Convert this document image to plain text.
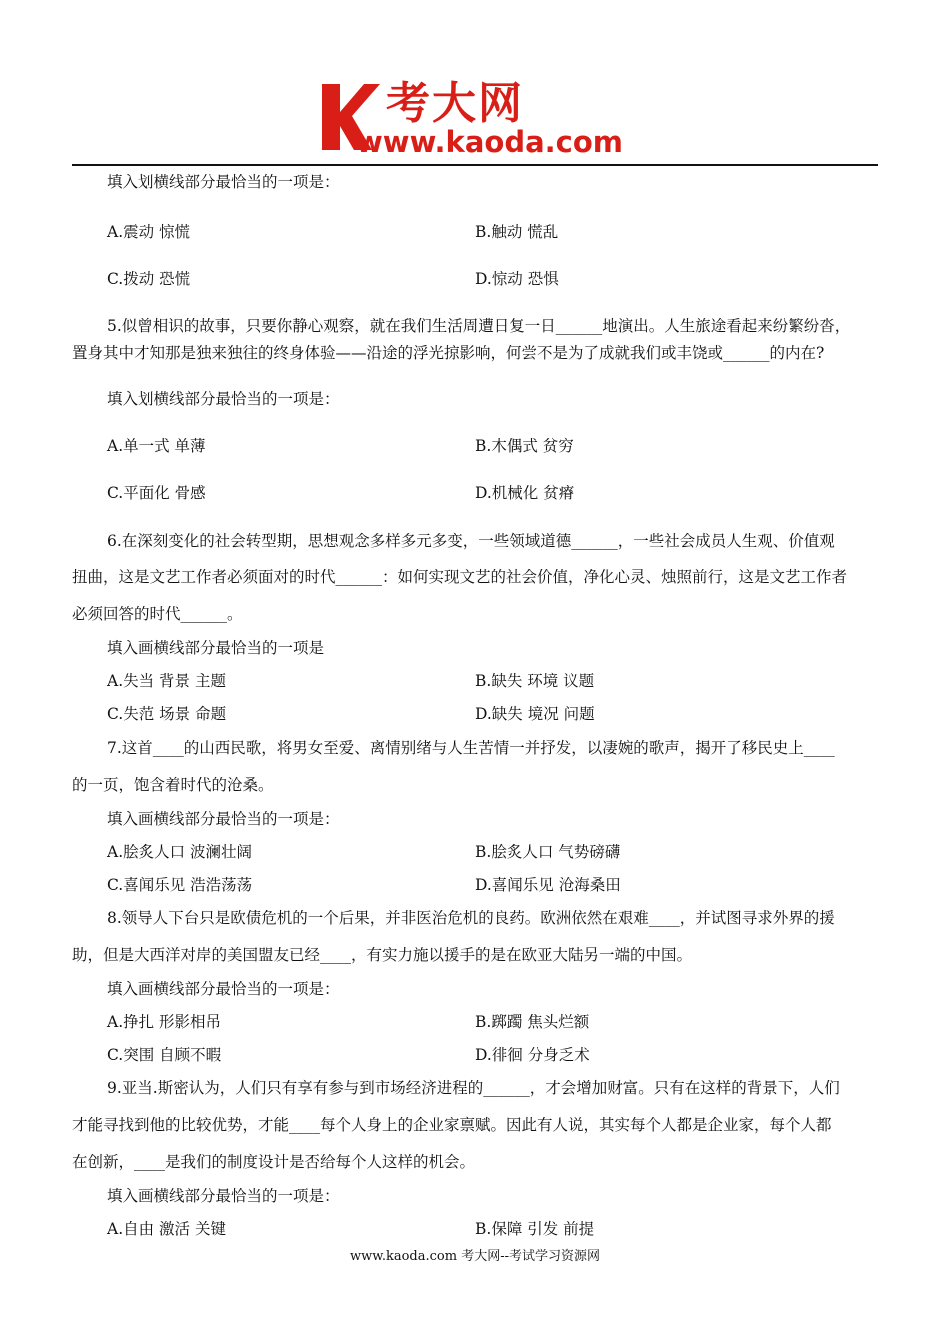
考大网
www.kaoda.com
填入划横线部分最恰当的一项是：
A.震动 惊慌	B.触动 慌乱
C.拨动 恐慌	D.惊动 恐惧
5.似曾相识的故事，只要你静心观察，就在我们生活周遭日复一日______地演出。人生旅途看起来纷繁纷沓，
置身其中才知那是独来独往的终身体验——沿途的浮光掠影响，何尝不是为了成就我们或丰饶或______的内在?
填入划横线部分最恰当的一项是：
A.单一式 单薄	B.木偶式 贫穷
C.平面化 骨感	D.机械化 贫瘠
6.在深刻变化的社会转型期，思想观念多样多元多变，一些领域道德______，一些社会成员人生观、价值观
扭曲，这是文艺工作者必须面对的时代______：如何实现文艺的社会价值，净化心灵、烛照前行，这是文艺工作者
必须回答的时代______。
填入画横线部分最恰当的一项是
A.失当 背景 主题	B.缺失 环境 议题
C.失范 场景 命题	D.缺失 境况 问题
7.这首____的山西民歌，将男女至爱、离情别绪与人生苦情一并抒发，以凄婉的歌声，揭开了移民史上____
的一页，饱含着时代的沧桑。
填入画横线部分最恰当的一项是：
A.脍炙人口 波澜壮阔	B.脍炙人口 气势磅礴
C.喜闻乐见 浩浩荡荡	D.喜闻乐见 沧海桑田
8.领导人下台只是欧债危机的一个后果，并非医治危机的良药。欧洲依然在艰难____，并试图寻求外界的援
助，但是大西洋对岸的美国盟友已经____，有实力施以援手的是在欧亚大陆另一端的中国。
填入画横线部分最恰当的一项是：
A.挣扎 形影相吊	B.踯躅 焦头烂额
C.突围 自顾不暇	D.徘徊 分身乏术
9.亚当.斯密认为，人们只有享有参与到市场经济进程的______，才会增加财富。只有在这样的背景下，人们
才能寻找到他的比较优势，才能____每个人身上的企业家禀赋。因此有人说，其实每个人都是企业家，每个人都
在创新，____是我们的制度设计是否给每个人这样的机会。
填入画横线部分最恰当的一项是：
A.自由 激活 关键	B.保障 引发 前提
www.kaoda.com 考大网--考试学习资源网
